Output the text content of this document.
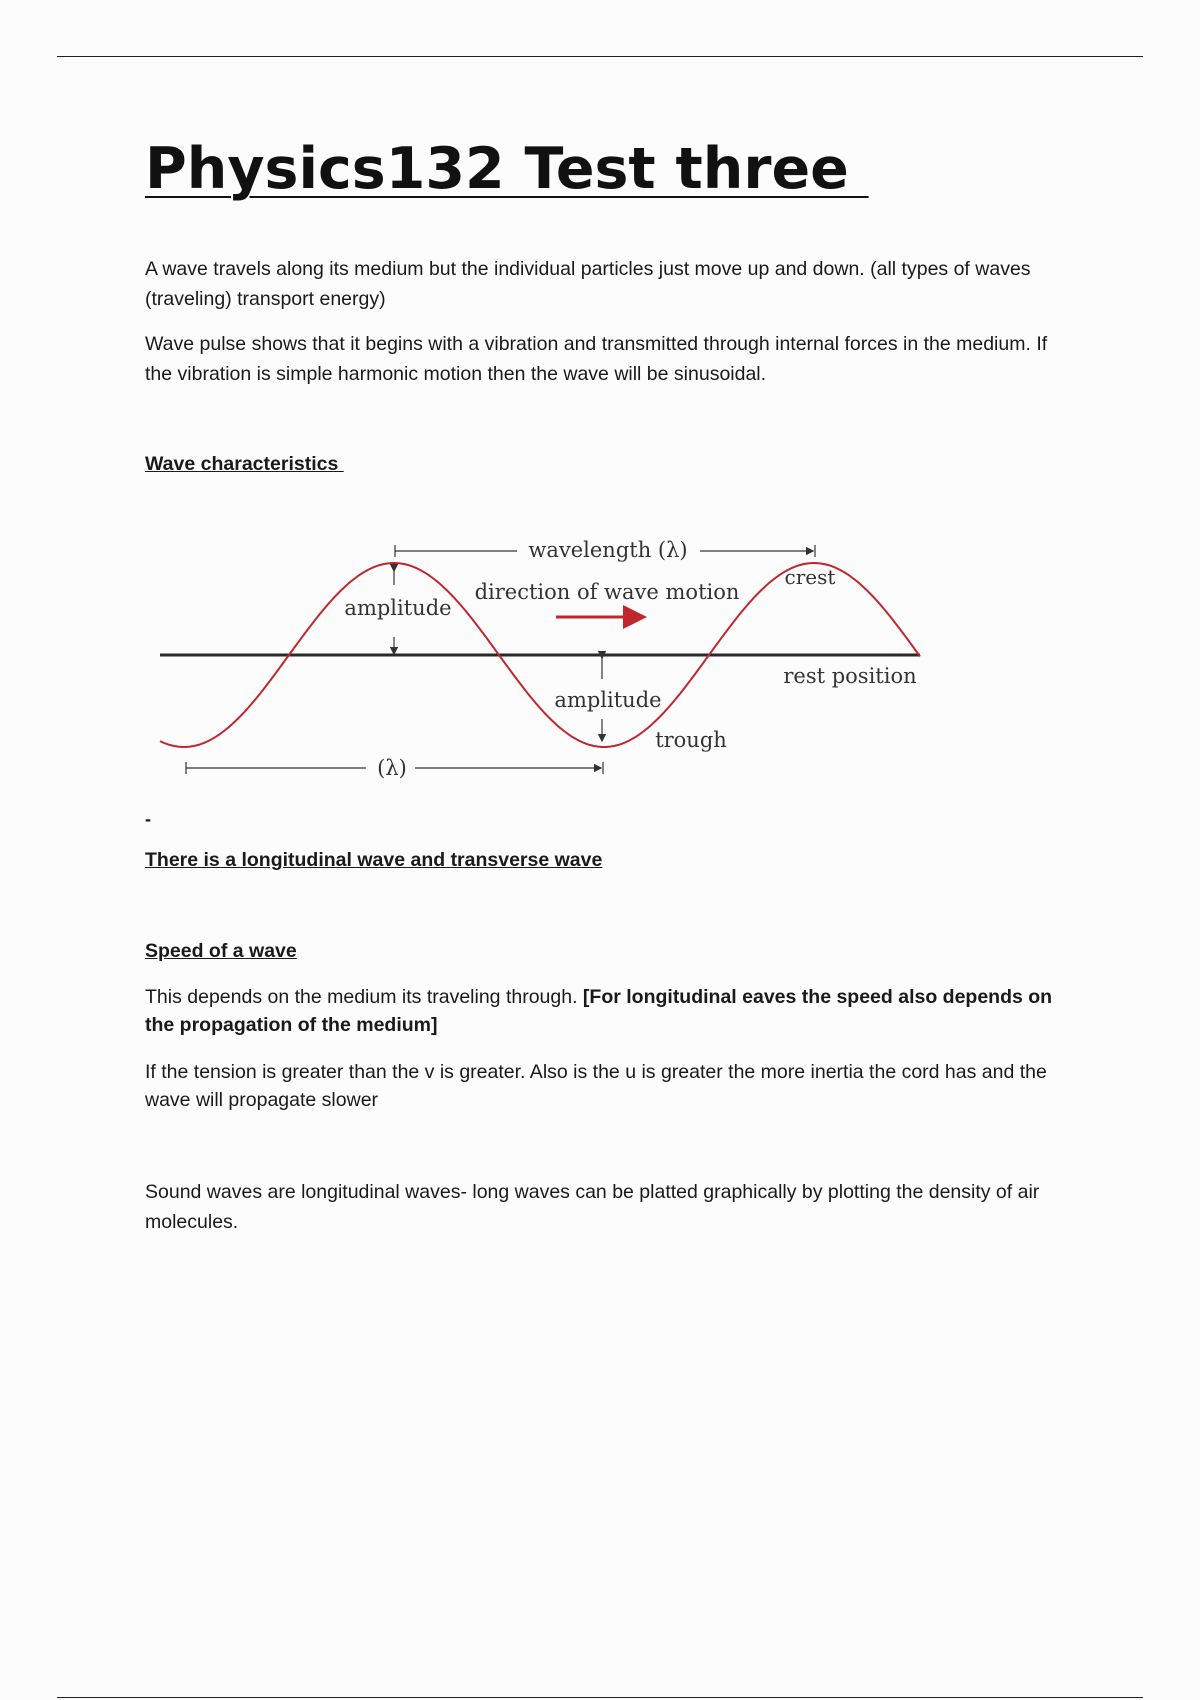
Physics132 Test three

A wave travels along its medium but the individual particles just move up and down. (all types of waves (traveling) transport energy)

Wave pulse shows that it begins with a vibration and transmitted through internal forces in the medium. If the vibration is simple harmonic motion then the wave will be sinusoidal.

Wave characteristics
-
There is a longitudinal wave and transverse wave
Speed of a wave

This depends on the medium its traveling through. [For longitudinal eaves the speed also depends on the propagation of the medium]

If the tension is greater than the v is greater. Also is the u is greater the more inertia the cord has and the wave will propagate slower

Sound waves are longitudinal waves- long waves can be platted graphically by plotting the density of air molecules.

wavelength (λ)
direction of wave motion
crest
amplitude
amplitude
rest position
trough
(λ)
